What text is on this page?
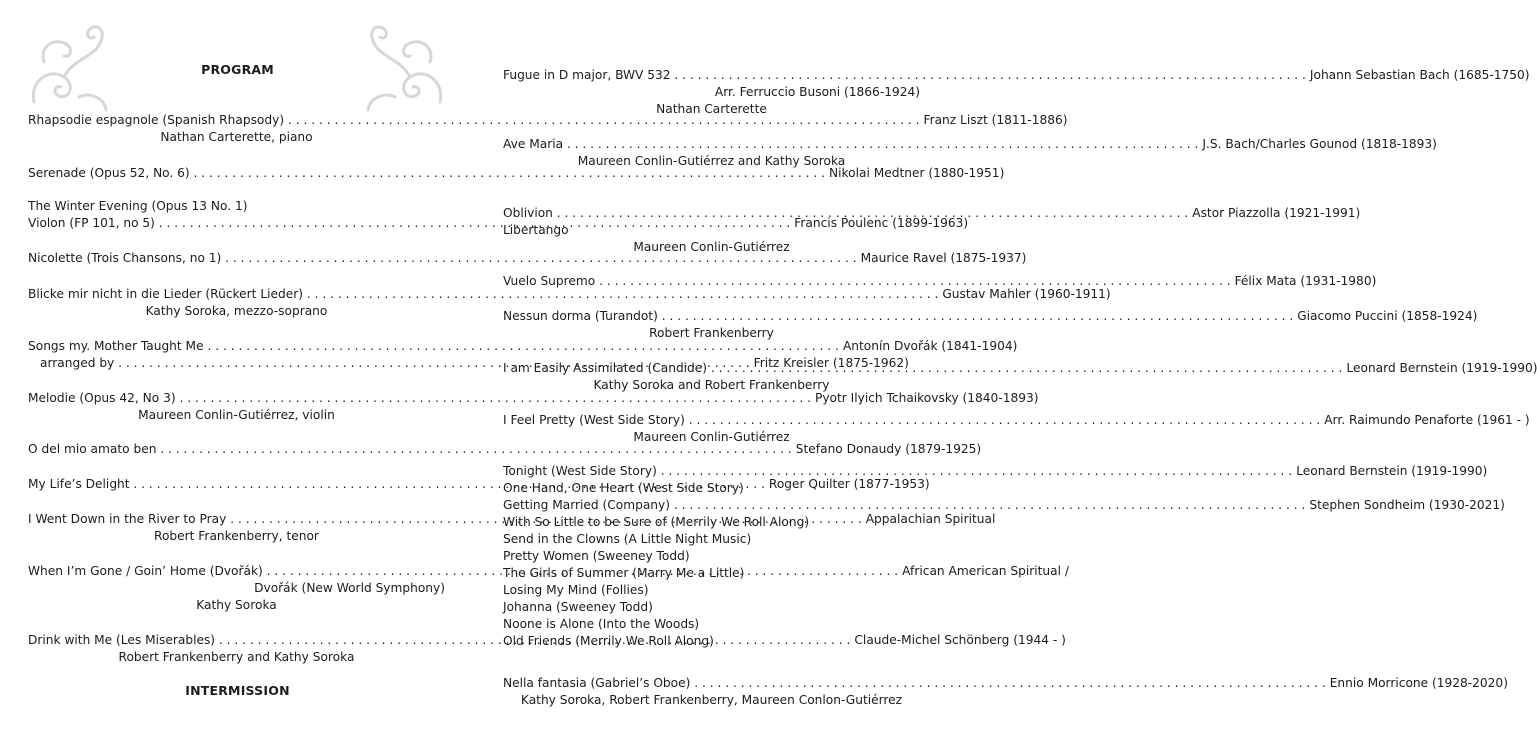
PROGRAM
Rhapsodie espagnole (Spanish Rhapsody) . . .	Franz Liszt (1811-1886)
Nathan Carterette, piano
Serenade (Opus 52, No. 6) . . .	Nikolai Medtner (1880-1951)
The Winter Evening (Opus 13 No. 1)
Violon (FP 101, no 5) . . .	Francis Poulenc (1899-1963)
Nicolette (Trois Chansons, no 1) . . .	Maurice Ravel (1875-1937)
Blicke mir nicht in die Lieder (Rückert Lieder) . . .	Gustav Mahler (1960-1911)
Kathy Soroka, mezzo-soprano
Songs my. Mother Taught Me . . .	Antonín Dvořák (1841-1904)
arranged by . . .	Fritz Kreisler (1875-1962)
Melodie (Opus 42, No 3) . . .	Pyotr Ilyich Tchaikovsky (1840-1893)
Maureen Conlin-Gutiérrez, violin
O del mio amato ben . . .	Stefano Donaudy (1879-1925)
My Life’s Delight . . .	Roger Quilter (1877-1953)
I Went Down in the River to Pray . . .	Appalachian Spiritual
Robert Frankenberry, tenor
When I’m Gone / Goin’ Home (Dvořák) . . .	African American Spiritual /
Dvořák (New World Symphony)
Kathy Soroka
Drink with Me (Les Miserables) . . .	Claude-Michel Schönberg (1944 - )
Robert Frankenberry and Kathy Soroka
Fugue in D major, BWV 532 . . .	Johann Sebastian Bach (1685-1750)
Arr. Ferruccio Busoni (1866-1924)
Nathan Carterette
Ave Maria . . .	J.S. Bach/Charles Gounod (1818-1893)
Maureen Conlin-Gutiérrez and Kathy Soroka
Oblivion . . .	Astor Piazzolla (1921-1991)
Libertango
Maureen Conlin-Gutiérrez
Vuelo Supremo . . .	Félix Mata (1931-1980)
Nessun dorma (Turandot) . . .	Giacomo Puccini (1858-1924)
Robert Frankenberry
I am Easily Assimilated (Candide) . . .	Leonard Bernstein (1919-1990)
Kathy Soroka and Robert Frankenberry
I Feel Pretty (West Side Story) . . .	Arr. Raimundo Penaforte (1961 - )
Maureen Conlin-Gutiérrez
Tonight (West Side Story) . . .	Leonard Bernstein (1919-1990)
One Hand, One Heart (West Side Story)
Getting Married (Company) . . .	Stephen Sondheim (1930-2021)
With So Little to be Sure of (Merrily We Roll Along)
Send in the Clowns (A Little Night Music)
Pretty Women (Sweeney Todd)
The Girls of Summer (Marry Me a Little)
Losing My Mind (Follies)
Johanna (Sweeney Todd)
Noone is Alone (Into the Woods)
Old Friends (Merrily We Roll Along)
Nella fantasia (Gabriel’s Oboe) . . .	Ennio Morricone (1928-2020)
Kathy Soroka, Robert Frankenberry, Maureen Conlon-Gutiérrez
INTERMISSION
